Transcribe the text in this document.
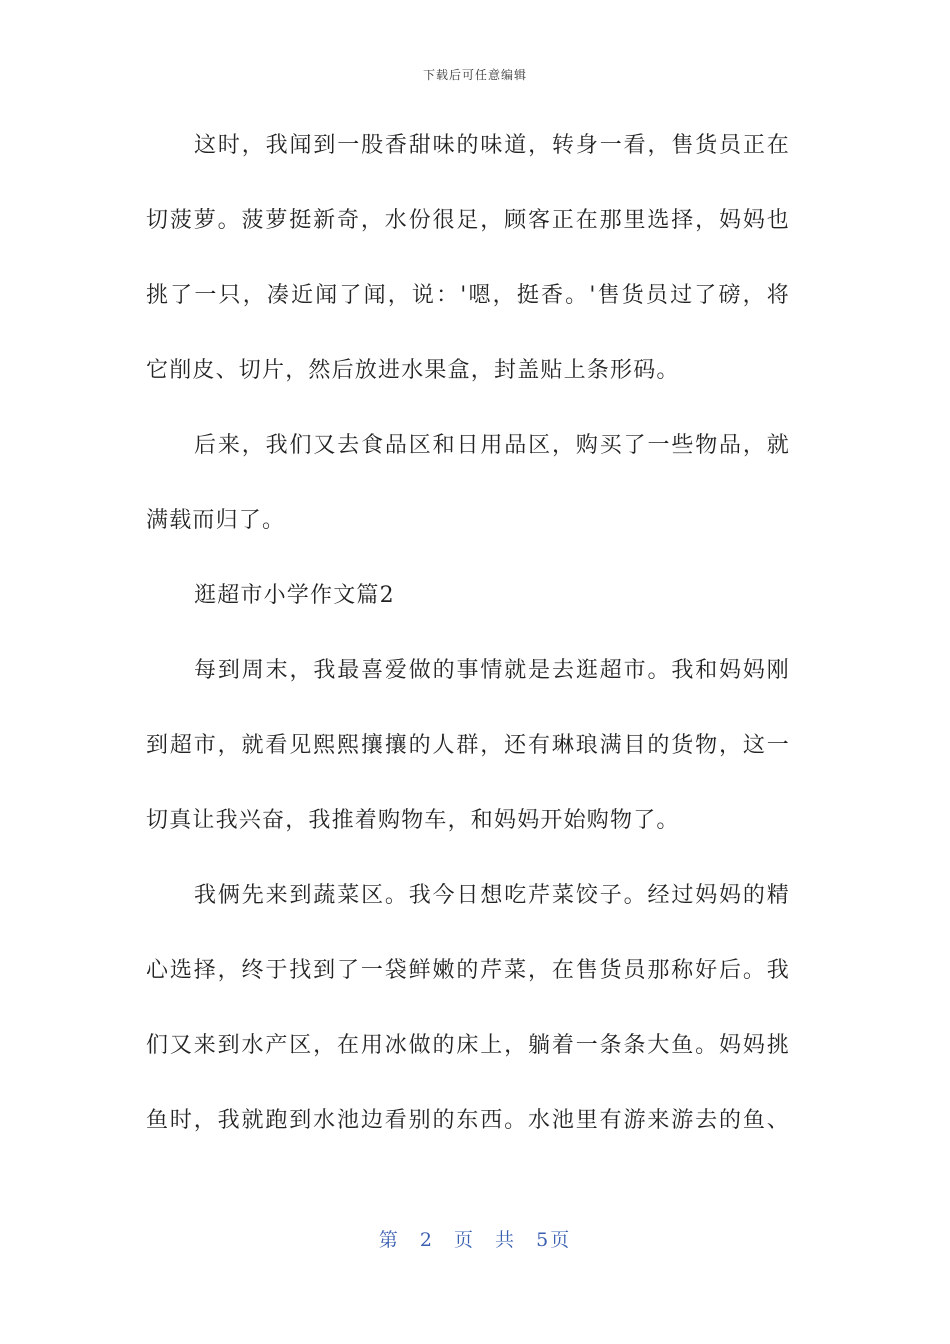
下载后可任意编辑
这时，我闻到一股香甜味的味道，转身一看，售货员正在
切菠萝。菠萝挺新奇，水份很足，顾客正在那里选择，妈妈也
挑了一只，凑近闻了闻，说：'嗯，挺香。'售货员过了磅，将
它削皮、切片，然后放进水果盒，封盖贴上条形码。
后来，我们又去食品区和日用品区，购买了一些物品，就
满载而归了。
逛超市小学作文篇2
每到周末，我最喜爱做的事情就是去逛超市。我和妈妈刚
到超市，就看见熙熙攘攘的人群，还有琳琅满目的货物，这一
切真让我兴奋，我推着购物车，和妈妈开始购物了。
我俩先来到蔬菜区。我今日想吃芹菜饺子。经过妈妈的精
心选择，终于找到了一袋鲜嫩的芹菜，在售货员那称好后。我
们又来到水产区，在用冰做的床上，躺着一条条大鱼。妈妈挑
鱼时，我就跑到水池边看别的东西。水池里有游来游去的鱼、
第 2 页 共 5页
